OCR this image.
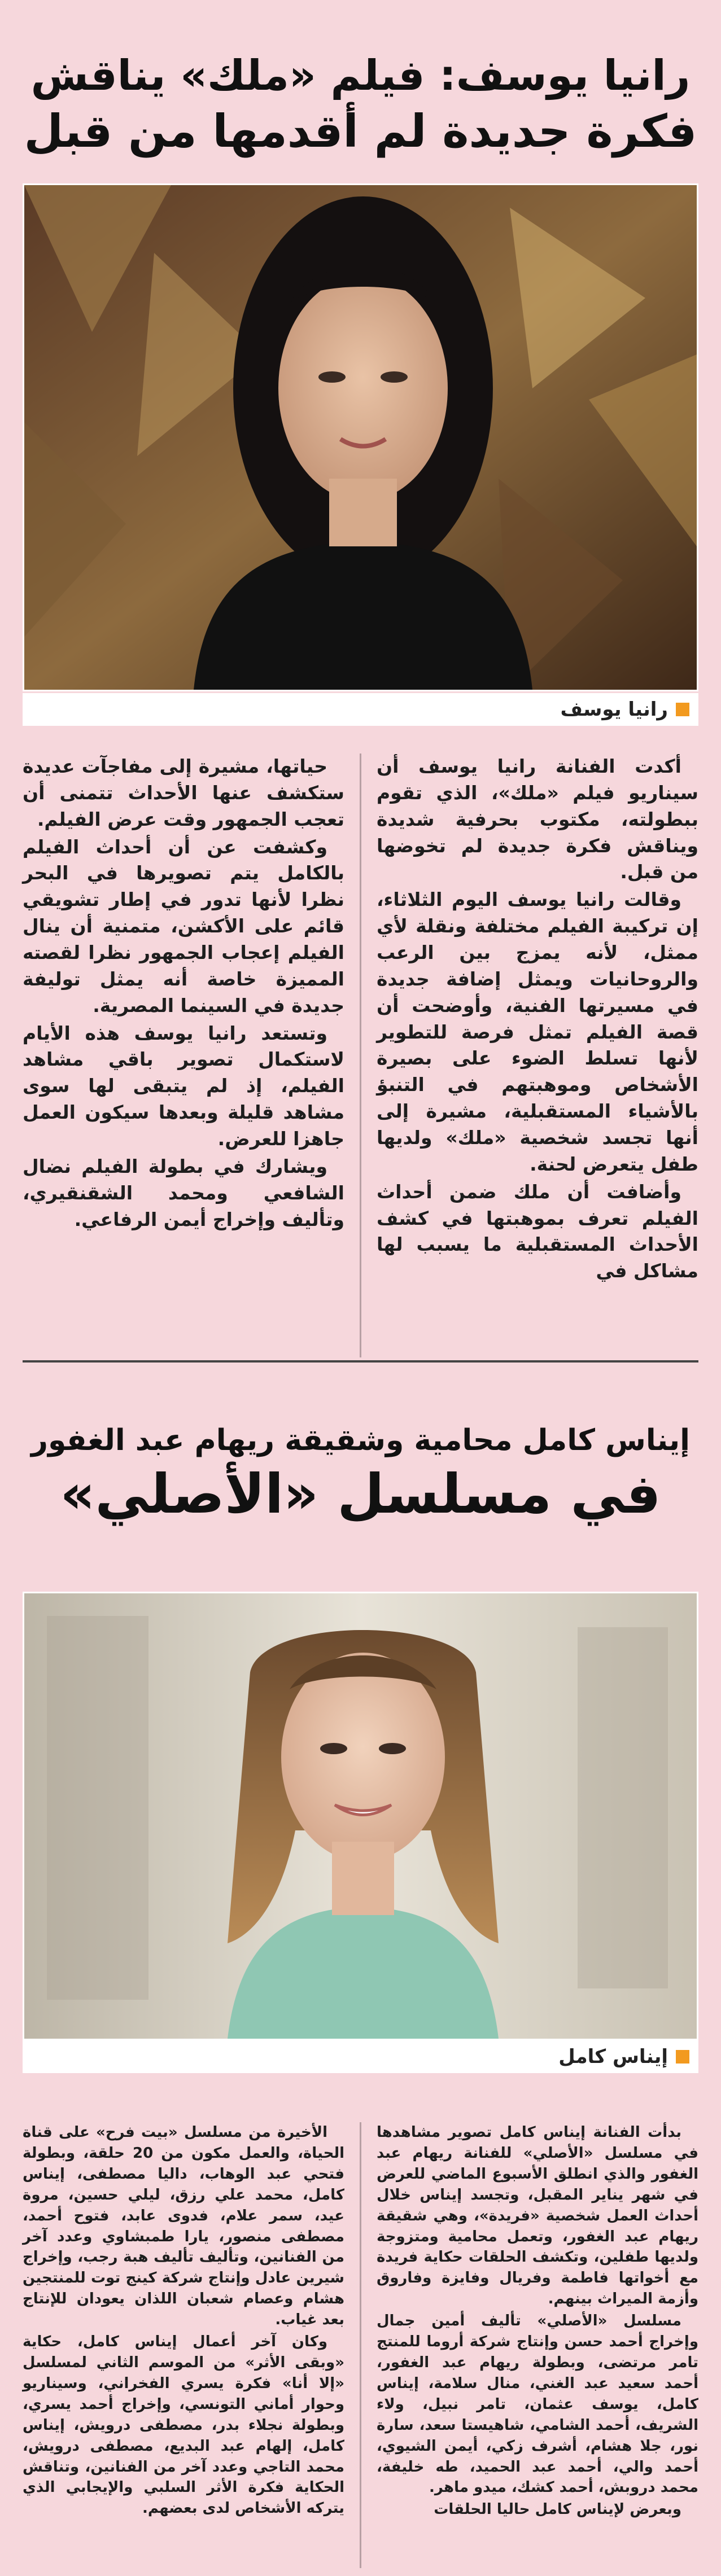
رانيا يوسف: فيلم «ملك» يناقش
فكرة جديدة لم أقدمها من قبل
رانيا يوسف

أكدت الفنانة رانيا يوسف أن سيناريو فيلم «ملك»، الذي تقوم ببطولته، مكتوب بحرفية شديدة ويناقش فكرة جديدة لم تخوضها من قبل.

وقالت رانيا يوسف اليوم الثلاثاء، إن تركيبة الفيلم مختلفة ونقلة لأي ممثل، لأنه يمزج بين الرعب والروحانيات ويمثل إضافة جديدة في مسيرتها الفنية، وأوضحت أن قصة الفيلم تمثل فرصة للتطوير لأنها تسلط الضوء على بصيرة الأشخاص وموهبتهم في التنبؤ بالأشياء المستقبلية، مشيرة إلى أنها تجسد شخصية «ملك» ولديها طفل يتعرض لحنة.

وأضافت أن ملك ضمن أحداث الفيلم تعرف بموهبتها في كشف الأحداث المستقبلية ما يسبب لها مشاكل في

حياتها، مشيرة إلى مفاجآت عديدة ستكشف عنها الأحداث تتمنى أن تعجب الجمهور وقت عرض الفيلم.

وكشفت عن أن أحداث الفيلم بالكامل يتم تصويرها في البحر نظرا لأنها تدور في إطار تشويقي قائم على الأكشن، متمنية أن ينال الفيلم إعجاب الجمهور نظرا لقصته المميزة خاصة أنه يمثل توليفة جديدة في السينما المصرية.

وتستعد رانيا يوسف هذه الأيام لاستكمال تصوير باقي مشاهد الفيلم، إذ لم يتبقى لها سوى مشاهد قليلة وبعدها سيكون العمل جاهزا للعرض.

ويشارك في بطولة الفيلم نضال الشافعي ومحمد الشقنقيري، وتأليف وإخراج أيمن الرفاعي.

إيناس كامل محامية وشقيقة ريهام عبد الغفور
في مسلسل «الأصلي»
إيناس كامل

بدأت الفنانة إيناس كامل تصوير مشاهدها في مسلسل «الأصلي» للفنانة ريهام عبد الغفور والذي انطلق الأسبوع الماضي للعرض في شهر يناير المقبل، وتجسد إيناس خلال أحداث العمل شخصية «فريدة»، وهي شقيقة ريهام عبد الغفور، وتعمل محامية ومتزوجة ولديها طفلين، وتكشف الحلقات حكاية فريدة مع أخواتها فاطمة وفريال وفايزة وفاروق وأزمة الميراث بينهم.

مسلسل «الأصلي» تأليف أمين جمال وإخراج أحمد حسن وإنتاج شركة أروما للمنتج تامر مرتضى، وبطولة ريهام عبد الغفور، أحمد سعيد عبد الغني، منال سلامة، إيناس كامل، يوسف عثمان، تامر نبيل، ولاء الشريف، أحمد الشامي، شاهيستا سعد، سارة نور، جلا هشام، أشرف زكي، أيمن الشيوي، أحمد والي، أحمد عبد الحميد، طه خليفة، محمد دروبش، أحمد كشك، ميدو ماهر.

وبعرض لإيناس كامل حاليا الحلقات

الأخيرة من مسلسل «بيت فرح» على قناة الحياة، والعمل مكون من 20 حلقة، وبطولة فتحي عبد الوهاب، داليا مصطفى، إيناس كامل، محمد علي رزق، ليلي حسين، مروة عيد، سمر علام، فدوى عابد، فتوح أحمد، مصطفى منصور، يارا طمبشاوي وعدد آخر من الفنانين، وتأليف تأليف هبة رجب، وإخراج شيرين عادل وإنتاج شركة كينج توت للمنتجين هشام وعصام شعبان اللذان يعودان للإنتاج بعد غياب.

وكان آخر أعمال إيناس كامل، حكاية «وبقى الأثر» من الموسم الثاني لمسلسل «إلا أنا» فكرة يسري الفخراني، وسيناريو وحوار أماني التونسي، وإخراج أحمد يسري، وبطولة نجلاء بدر، مصطفى درويش، إيناس كامل، إلهام عبد البديع، مصطفى درويش، محمد التاجي وعدد آخر من الفنانين، وتناقش الحكاية فكرة الأثر السلبي والإيجابي الذي يتركه الأشخاص لدى بعضهم.
